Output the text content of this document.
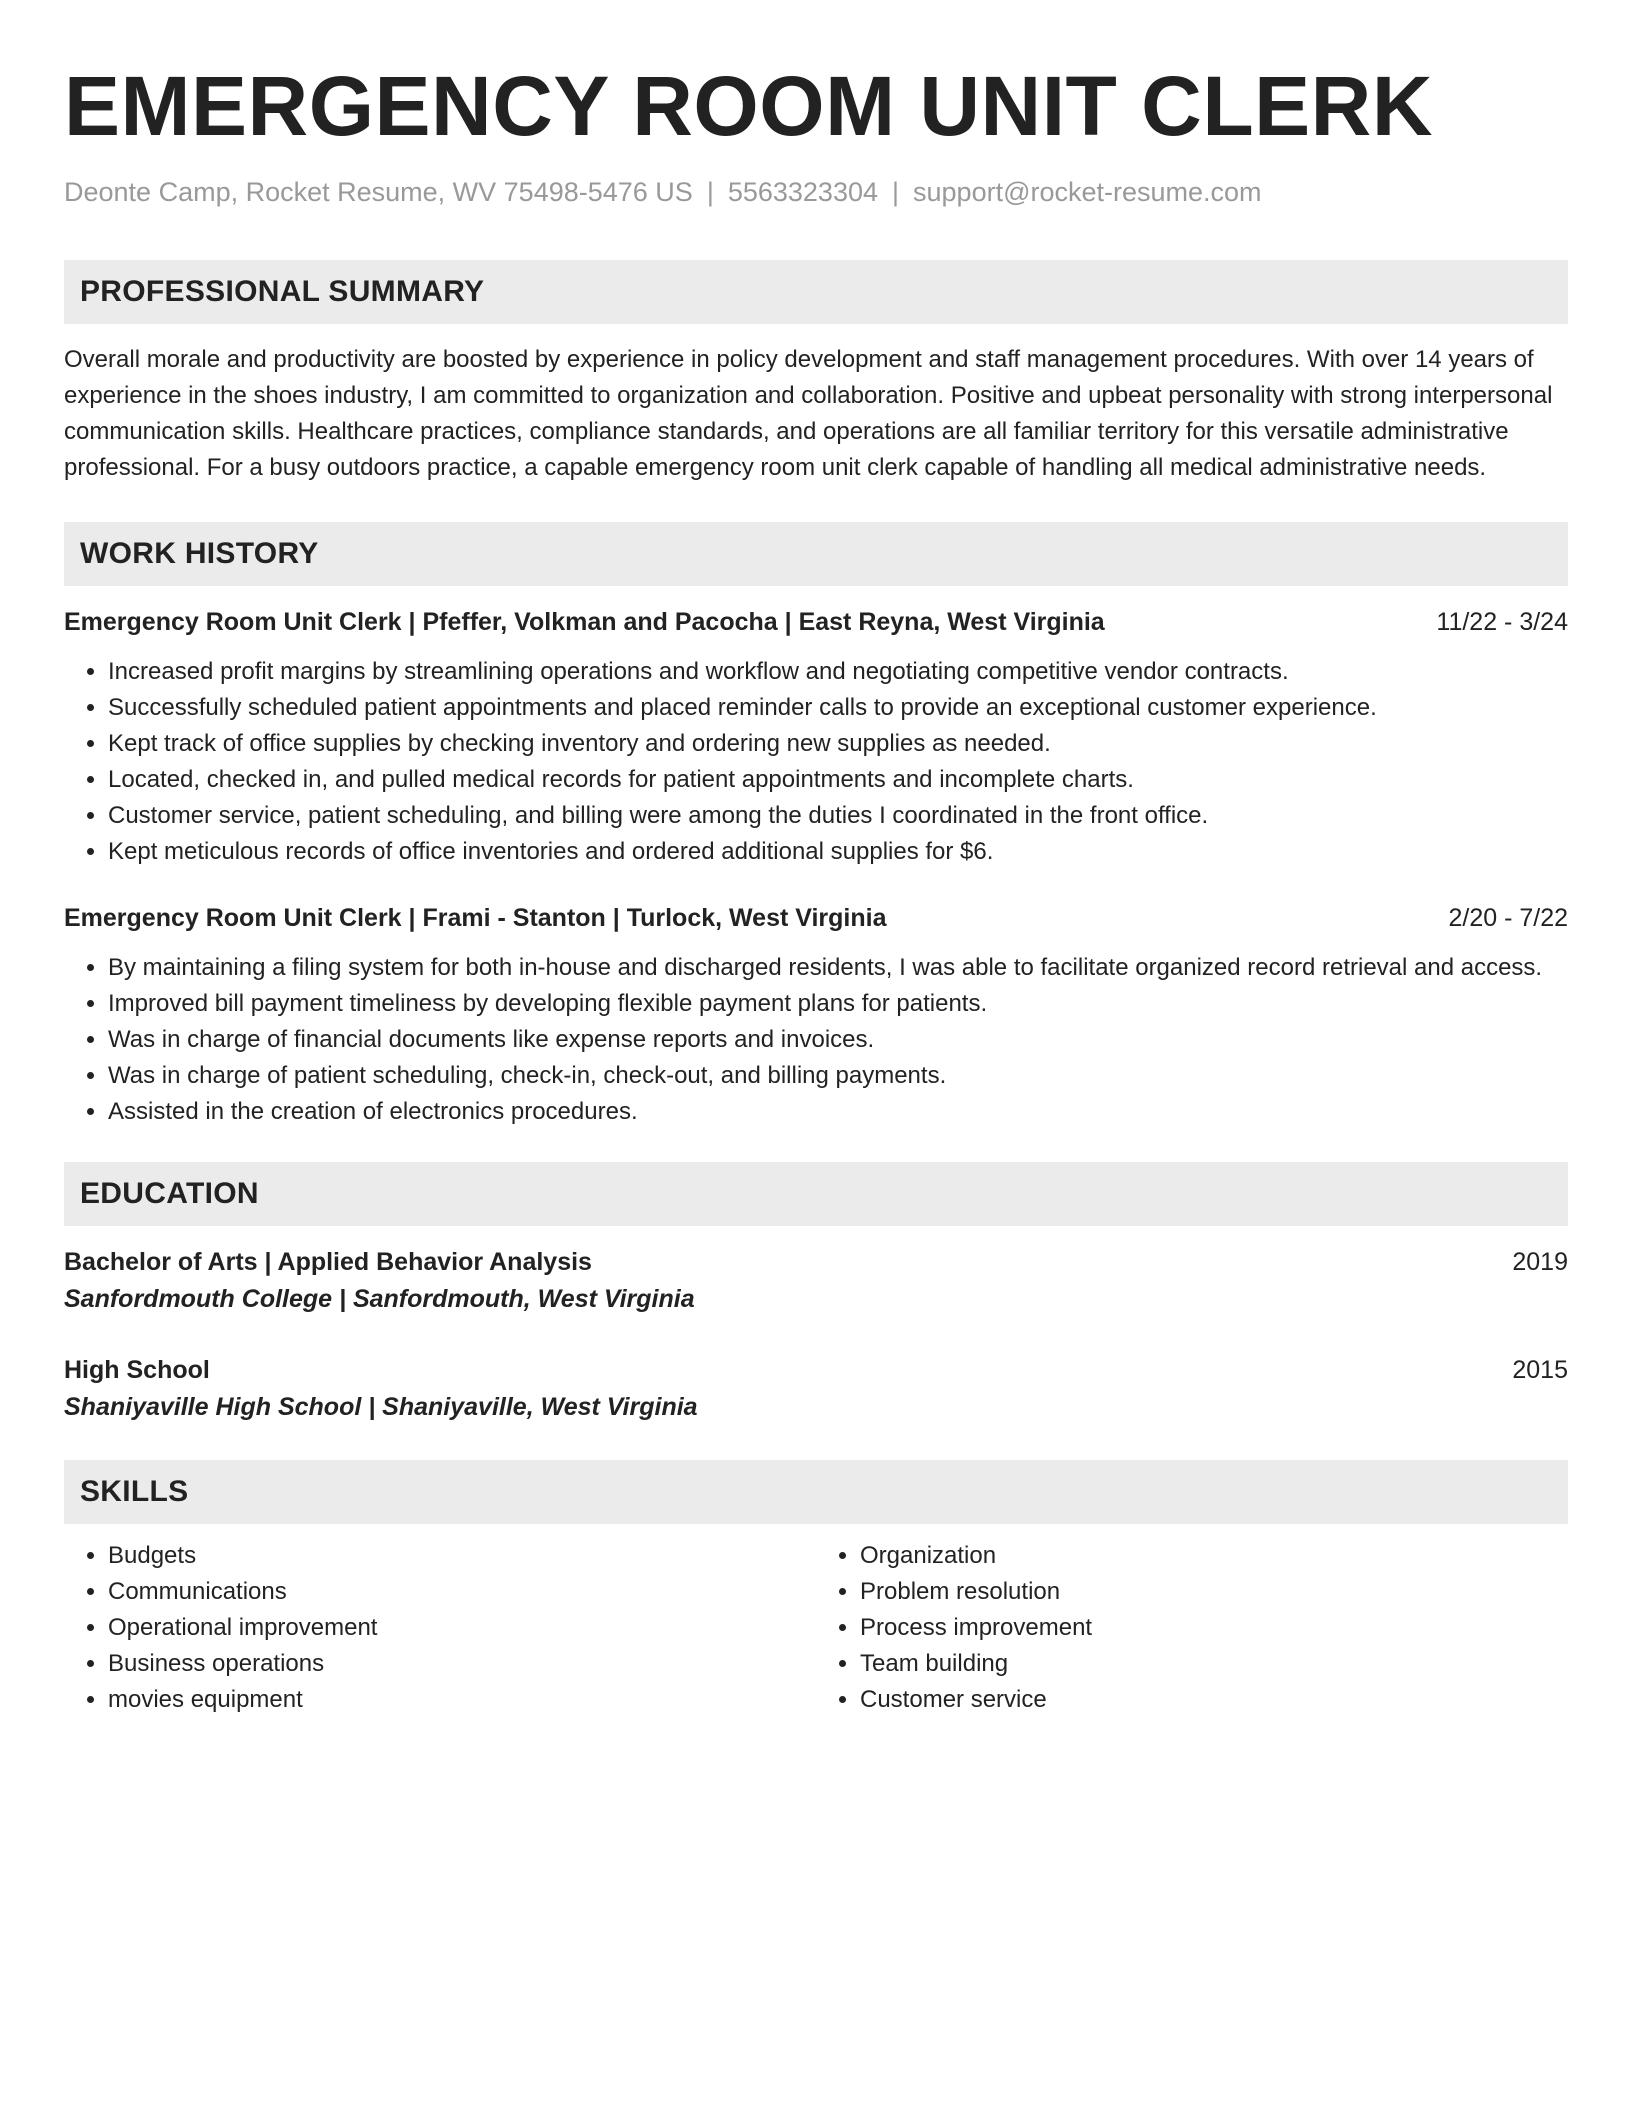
EMERGENCY ROOM UNIT CLERK
Deonte Camp, Rocket Resume, WV 75498-5476 US | 5563323304 | support@rocket-resume.com
PROFESSIONAL SUMMARY
Overall morale and productivity are boosted by experience in policy development and staff management procedures. With over 14 years of experience in the shoes industry, I am committed to organization and collaboration. Positive and upbeat personality with strong interpersonal communication skills. Healthcare practices, compliance standards, and operations are all familiar territory for this versatile administrative professional. For a busy outdoors practice, a capable emergency room unit clerk capable of handling all medical administrative needs.
WORK HISTORY
Emergency Room Unit Clerk | Pfeffer, Volkman and Pacocha | East Reyna, West Virginia	11/22 - 3/24
• Increased profit margins by streamlining operations and workflow and negotiating competitive vendor contracts.
• Successfully scheduled patient appointments and placed reminder calls to provide an exceptional customer experience.
• Kept track of office supplies by checking inventory and ordering new supplies as needed.
• Located, checked in, and pulled medical records for patient appointments and incomplete charts.
• Customer service, patient scheduling, and billing were among the duties I coordinated in the front office.
• Kept meticulous records of office inventories and ordered additional supplies for $6.
Emergency Room Unit Clerk | Frami - Stanton | Turlock, West Virginia	2/20 - 7/22
• By maintaining a filing system for both in-house and discharged residents, I was able to facilitate organized record retrieval and access.
• Improved bill payment timeliness by developing flexible payment plans for patients.
• Was in charge of financial documents like expense reports and invoices.
• Was in charge of patient scheduling, check-in, check-out, and billing payments.
• Assisted in the creation of electronics procedures.
EDUCATION
Bachelor of Arts | Applied Behavior Analysis	2019
Sanfordmouth College | Sanfordmouth, West Virginia
High School	2015
Shaniyaville High School | Shaniyaville, West Virginia
SKILLS
• Budgets
• Communications
• Operational improvement
• Business operations
• movies equipment
• Organization
• Problem resolution
• Process improvement
• Team building
• Customer service
